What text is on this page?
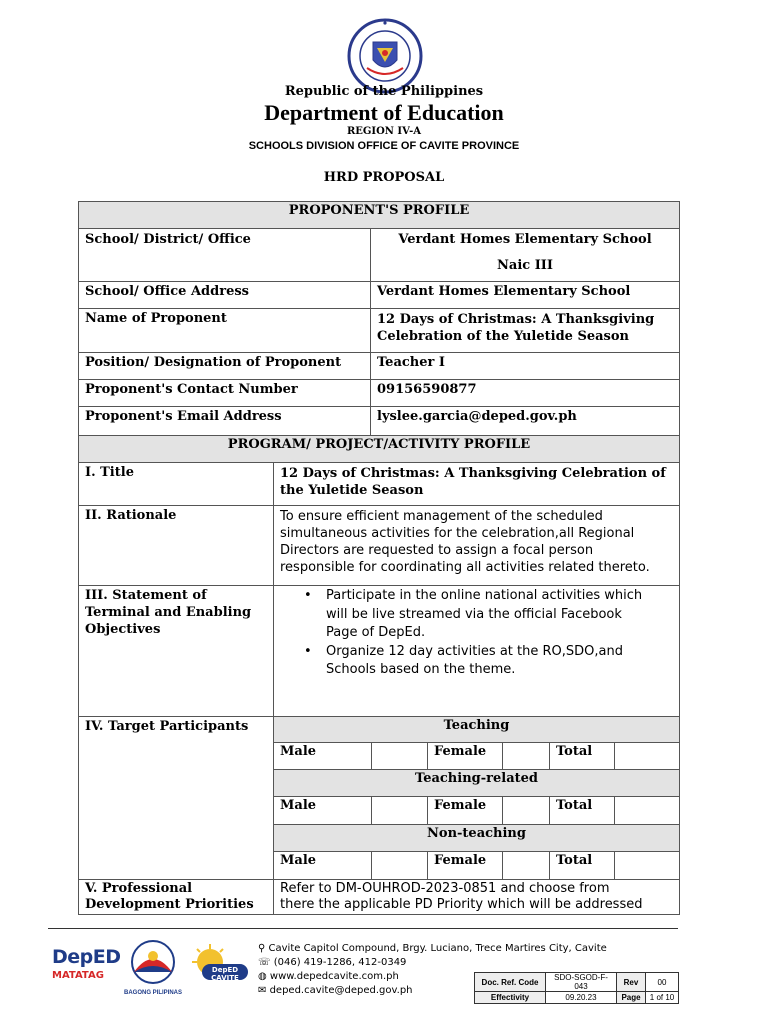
Republic of the Philippines
Department of Education
REGION IV-A
SCHOOLS DIVISION OFFICE OF CAVITE PROVINCE
HRD PROPOSAL
PROPONENT'S PROFILE
School/ District/ Office	Verdant Homes Elementary School
Naic III
School/ Office Address	Verdant Homes Elementary School
Name of Proponent	12 Days of Christmas: A Thanksgiving
Celebration of the Yuletide Season
Position/ Designation of Proponent	Teacher I
Proponent's Contact Number	09156590877
Proponent's Email Address	lyslee.garcia@deped.gov.ph
PROGRAM/ PROJECT/ACTIVITY PROFILE
I. Title	12 Days of Christmas: A Thanksgiving Celebration of
the Yuletide Season
II. Rationale	To ensure efficient management of the scheduled
simultaneous activities for the celebration,all Regional
Directors are requested to assign a focal person
responsible for coordinating all activities related thereto.
III. Statement of
Terminal and Enabling
Objectives
• Participate in the online national activities which
will be live streamed via the official Facebook
Page of DepEd.
• Organize 12 day activities at the RO,SDO,and
Schools based on the theme.
IV. Target Participants	Teaching
Male	Female	Total
Teaching-related
Male	Female	Total
Non-teaching
Male	Female	Total
V. Professional
Development Priorities
Refer to DM-OUHROD-2023-0851 and choose from
there the applicable PD Priority which will be addressed
DepED
MATATAG
BAGONG PILIPINAS
DepED CAVITE
⚲ Cavite Capitol Compound, Brgy. Luciano, Trece Martires City, Cavite
☏ (046) 419-1286, 412-0349
◍ www.depedcavite.com.ph
✉ deped.cavite@deped.gov.ph
Doc. Ref. Code	SDO-SGOD-F-043	Rev	00
Effectivity	09.20.23	Page	1 of 10
